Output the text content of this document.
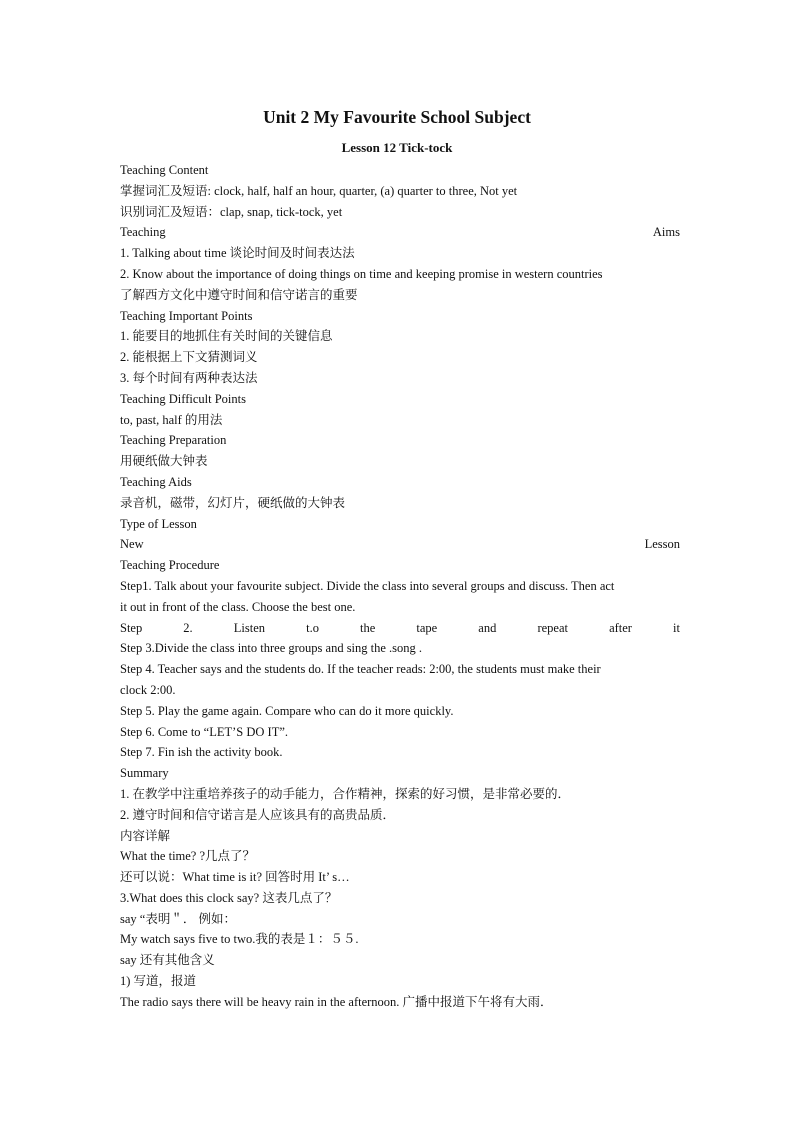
Unit 2 My Favourite School Subject
Lesson 12 Tick-tock
Teaching Content
掌握词汇及短语: clock, half, half an hour, quarter, (a) quarter to three, Not yet
识别词汇及短语：clap, snap, tick-tock, yet
Teaching Aims
1. Talking about time 谈论时间及时间表达法
2. Know about the importance of doing things on time and keeping promise in western countries
了解西方文化中遵守时间和信守诺言的重要
Teaching Important Points
1. 能要目的地抓住有关时间的关键信息
2. 能根据上下文猜测词义
3. 每个时间有两种表达法
Teaching Difficult Points
to, past, half 的用法
Teaching Preparation
用硬纸做大钟表
Teaching Aids
录音机，磁带，幻灯片，硬纸做的大钟表
Type of Lesson
New Lesson
Teaching Procedure
Step1. Talk about your favourite subject. Divide the class into several groups and discuss. Then act
it out in front of the class. Choose the best one.
Step 2. Listen t.o the tape and repeat after it
Step 3.Divide the class into three groups and sing the .song .
Step 4. Teacher says and the students do. If the teacher reads: 2:00, the students must make their
clock 2:00.
Step 5. Play the game again. Compare who can do it more quickly.
Step 6. Come to “LET’S DO IT”.
Step 7. Fin ish the activity book.
Summary
1. 在教学中注重培养孩子的动手能力，合作精神，探索的好习惯，是非常必要的．
2. 遵守时间和信守诺言是人应该具有的高贵品质．
内容详解
What the time? ?几点了？
还可以说：What time is it? 回答时用 It’ s…
3.What does this clock say? 这表几点了？
say “表明＂． 例如：
My watch says five to two.我的表是１：５５.
say 还有其他含义
1) 写道，报道
The radio says there will be heavy rain in the afternoon. 广播中报道下午将有大雨．
